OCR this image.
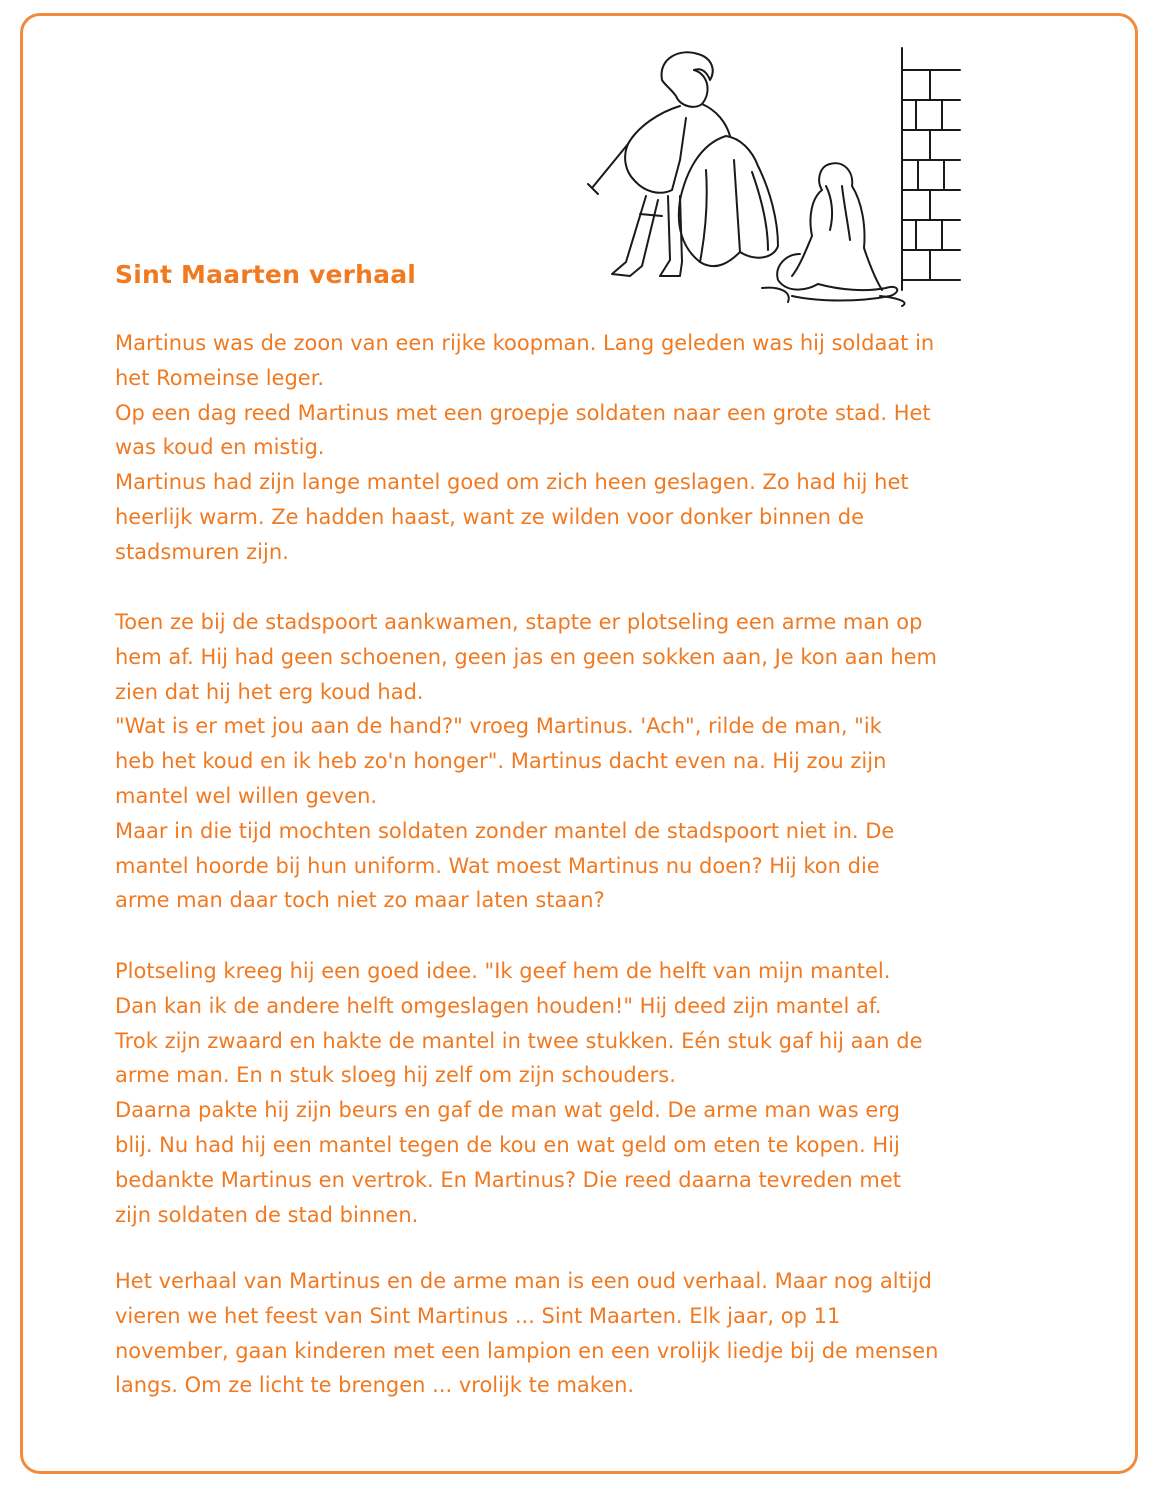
Sint Maarten verhaal

Martinus was de zoon van een rijke koopman. Lang geleden was hij soldaat in
het Romeinse leger.
Op een dag reed Martinus met een groepje soldaten naar een grote stad. Het
was koud en mistig.
Martinus had zijn lange mantel goed om zich heen geslagen. Zo had hij het
heerlijk warm. Ze hadden haast, want ze wilden voor donker binnen de
stadsmuren zijn.

Toen ze bij de stadspoort aankwamen, stapte er plotseling een arme man op
hem af. Hij had geen schoenen, geen jas en geen sokken aan, Je kon aan hem
zien dat hij het erg koud had.
"Wat is er met jou aan de hand?" vroeg Martinus. 'Ach", rilde de man, "ik
heb het koud en ik heb zo'n honger". Martinus dacht even na. Hij zou zijn
mantel wel willen geven.
Maar in die tijd mochten soldaten zonder mantel de stadspoort niet in. De
mantel hoorde bij hun uniform. Wat moest Martinus nu doen? Hij kon die
arme man daar toch niet zo maar laten staan?

Plotseling kreeg hij een goed idee. "Ik geef hem de helft van mijn mantel.
Dan kan ik de andere helft omgeslagen houden!" Hij deed zijn mantel af.
Trok zijn zwaard en hakte de mantel in twee stukken. Eén stuk gaf hij aan de
arme man. En n stuk sloeg hij zelf om zijn schouders.
Daarna pakte hij zijn beurs en gaf de man wat geld. De arme man was erg
blij. Nu had hij een mantel tegen de kou en wat geld om eten te kopen. Hij
bedankte Martinus en vertrok. En Martinus? Die reed daarna tevreden met
zijn soldaten de stad binnen.

Het verhaal van Martinus en de arme man is een oud verhaal. Maar nog altijd
vieren we het feest van Sint Martinus ... Sint Maarten. Elk jaar, op 11
november, gaan kinderen met een lampion en een vrolijk liedje bij de mensen
langs. Om ze licht te brengen ... vrolijk te maken.
